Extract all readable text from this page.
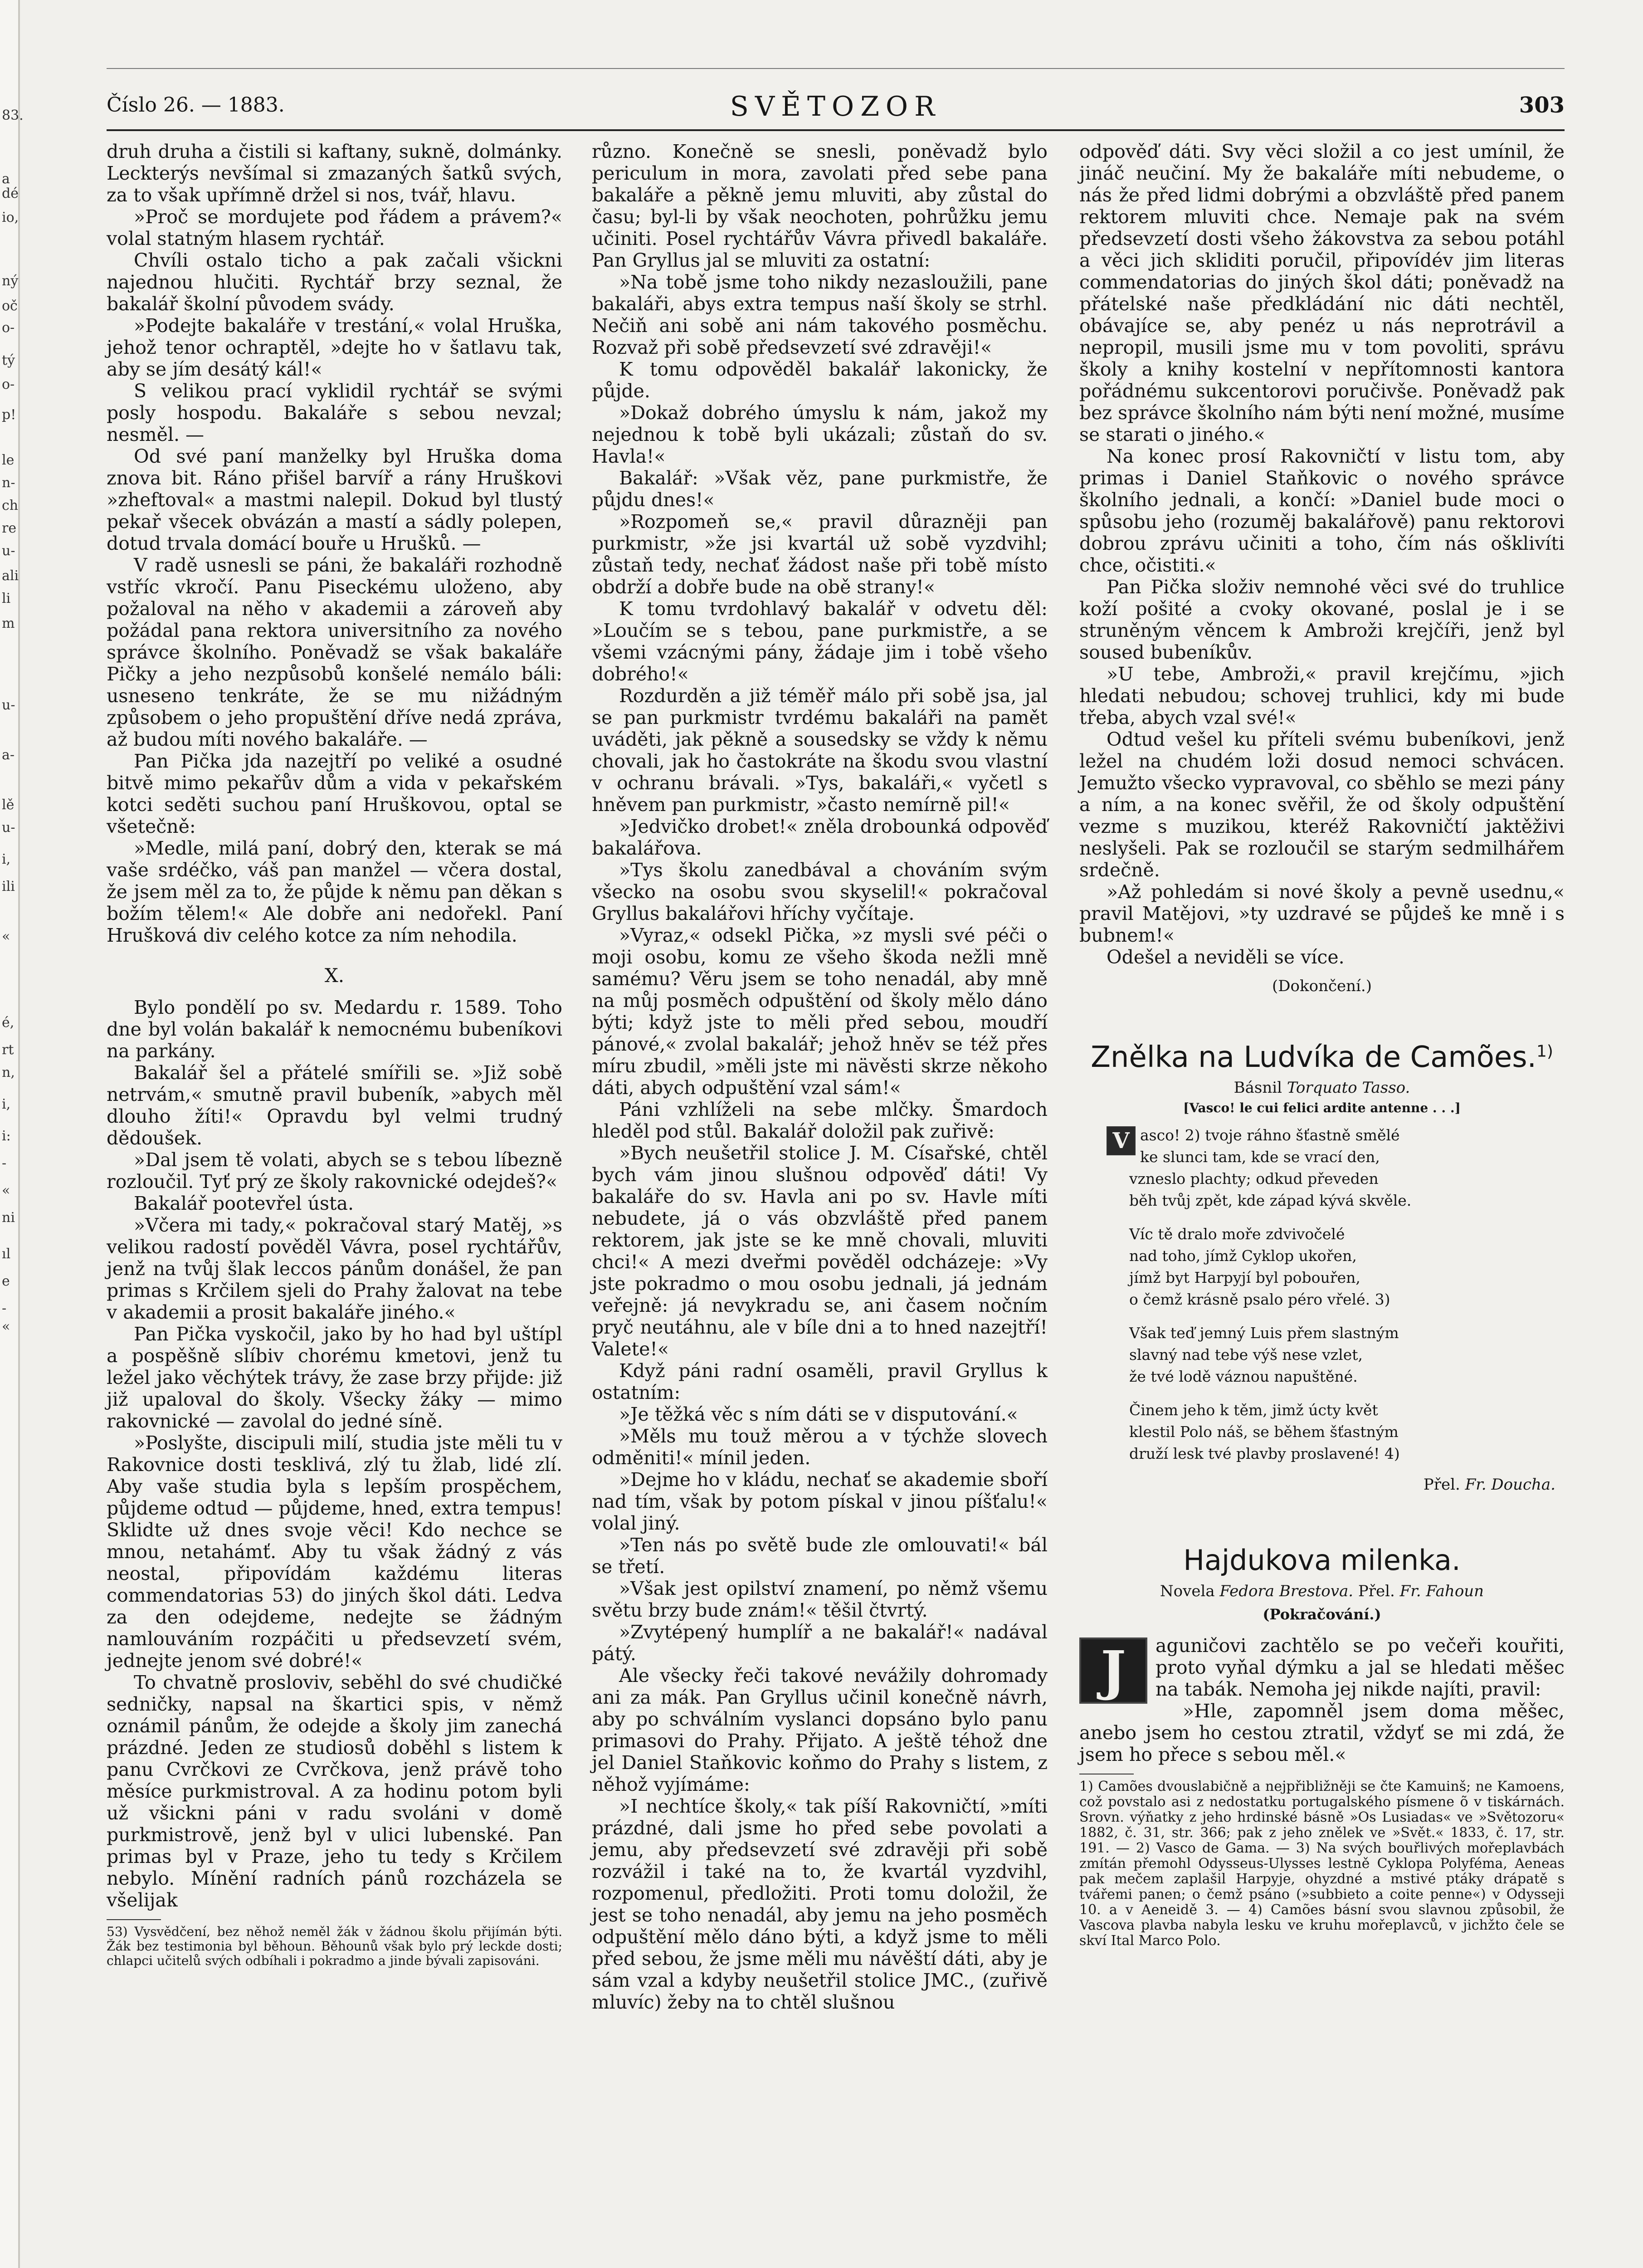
83.
a
dé
io,
ný
oč
o-
tý
o-
p!
le
n-
ch
re
u-
ali
li
m
u-
a-
lě
u-
i,
ili
«
é,
rt
n,
i,
i:
-
«
ni
ıl
e
-
«
SVĚTOZOR
Číslo 26. — 1883.	303

druh druha a čistili si kaftany, sukně, dolmánky. Leckterýs nevšímal si zmazaných šatků svých, za to však upřímně držel si nos, tvář, hlavu.

»Proč se mordujete pod řádem a právem?« volal statným hlasem rychtář.

Chvíli ostalo ticho a pak začali všickni najednou hlučiti. Rychtář brzy seznal, že bakalář školní původem svády.

»Podejte bakaláře v trestání,« volal Hruška, jehož tenor ochraptěl, »dejte ho v šatlavu tak, aby se jím desátý kál!«

S velikou prací vyklidil rychtář se svými posly hospodu. Bakaláře s sebou nevzal; nesměl. —

Od své paní manželky byl Hruška doma znova bit. Ráno přišel barvíř a rány Hruškovi »zheftoval« a mastmi nalepil. Dokud byl tlustý pekař všecek obvázán a mastí a sádly polepen, dotud trvala domácí bouře u Hrušků. —

V radě usnesli se páni, že bakaláři rozhodně vstříc vkročí. Panu Piseckému uloženo, aby požaloval na něho v akademii a zároveň aby požádal pana rektora universitního za nového správce školního. Poněvadž se však bakaláře Pičky a jeho nezpůsobů konšelé nemálo báli: usneseno tenkráte, že se mu nižádným způsobem o jeho propuštění dříve nedá zpráva, až budou míti nového bakaláře. —

Pan Pička jda nazejtří po veliké a osudné bitvě mimo pekařův dům a vida v pekařském kotci seděti suchou paní Hruškovou, optal se všetečně:

»Medle, milá paní, dobrý den, kterak se má vaše srdéčko, váš pan manžel — včera dostal, že jsem měl za to, že půjde k němu pan děkan s božím tělem!« Ale dobře ani nedořekl. Paní Hrušková div celého kotce za ním nehodila.

X.

Bylo pondělí po sv. Medardu r. 1589. Toho dne byl volán bakalář k nemocnému bubeníkovi na parkány.

Bakalář šel a přátelé smířili se. »Již sobě netrvám,« smutně pravil bubeník, »abych měl dlouho žíti!« Opravdu byl velmi trudný dědoušek.

»Dal jsem tě volati, abych se s tebou líbezně rozloučil. Tyť prý ze školy rakovnické odejdeš?«

Bakalář pootevřel ústa.

»Včera mi tady,« pokračoval starý Matěj, »s velikou radostí pověděl Vávra, posel rychtářův, jenž na tvůj šlak leccos pánům donášel, že pan primas s Krčilem sjeli do Prahy žalovat na tebe v akademii a prosit bakaláře jiného.«

Pan Pička vyskočil, jako by ho had byl uštípl a pospěšně slíbiv chorému kmetovi, jenž tu ležel jako věchýtek trávy, že zase brzy přijde: již již upaloval do školy. Všecky žáky — mimo rakovnické — zavolal do jedné síně.

»Poslyšte, discipuli milí, studia jste měli tu v Rakovnice dosti tesklivá, zlý tu žlab, lidé zlí. Aby vaše studia byla s lepším prospěchem, půjdeme odtud — půjdeme, hned, extra tempus! Sklidte už dnes svoje věci! Kdo nechce se mnou, netahámť. Aby tu však žádný z vás neostal, připovídám každému literas commendatorias 53) do jiných škol dáti. Ledva za den odejdeme, nedejte se žádným namlouváním rozpáčiti u předsevzetí svém, jednejte jenom své dobré!«

To chvatně prosloviv, seběhl do své chudičké sedničky, napsal na škartici spis, v němž oznámil pánům, že odejde a školy jim zanechá prázdné. Jeden ze studiosů doběhl s listem k panu Cvrčkovi ze Cvrčkova, jenž právě toho měsíce purkmistroval. A za hodinu potom byli už všickni páni v radu svoláni v domě purkmistrově, jenž byl v ulici lubenské. Pan primas byl v Praze, jeho tu tedy s Krčilem nebylo. Mínění radních pánů rozcházela se všelijak

53) Vysvědčení, bez něhož neměl žák v žádnou školu přijímán býti. Žák bez testimonia byl běhoun. Běhounů však bylo prý leckde dosti; chlapci učitelů svých odbíhali i pokradmo a jinde bývali zapisováni.

různo. Konečně se snesli, poněvadž bylo periculum in mora, zavolati před sebe pana bakaláře a pěkně jemu mluviti, aby zůstal do času; byl-li by však neochoten, pohrůžku jemu učiniti. Posel rychtářův Vávra přivedl bakaláře. Pan Gryllus jal se mluviti za ostatní:

»Na tobě jsme toho nikdy nezasloužili, pane bakaláři, abys extra tempus naší školy se strhl. Nečiň ani sobě ani nám takového posměchu. Rozvaž při sobě předsevzetí své zdravěji!«

K tomu odpověděl bakalář lakonicky, že půjde.

»Dokaž dobrého úmyslu k nám, jakož my nejednou k tobě byli ukázali; zůstaň do sv. Havla!«

Bakalář: »Však věz, pane purkmistře, že půjdu dnes!«

»Rozpomeň se,« pravil důrazněji pan purkmistr, »že jsi kvartál už sobě vyzdvihl; zůstaň tedy, nechať žádost naše při tobě místo obdrží a dobře bude na obě strany!«

K tomu tvrdohlavý bakalář v odvetu děl: »Loučím se s tebou, pane purkmistře, a se všemi vzácnými pány, žádaje jim i tobě všeho dobrého!«

Rozdurděn a již téměř málo při sobě jsa, jal se pan purkmistr tvrdému bakaláři na pamět uváděti, jak pěkně a sousedsky se vždy k němu chovali, jak ho častokráte na škodu svou vlastní v ochranu brávali. »Tys, bakaláři,« vyčetl s hněvem pan purkmistr, »často nemírně pil!«

»Jedvičko drobet!« zněla drobounká odpověď bakalářova.

»Tys školu zanedbával a chováním svým všecko na osobu svou skyselil!« pokračoval Gryllus bakalářovi hříchy vyčítaje.

»Vyraz,« odsekl Pička, »z mysli své péči o moji osobu, komu ze všeho škoda nežli mně samému? Věru jsem se toho nenadál, aby mně na můj posměch odpuštění od školy mělo dáno býti; když jste to měli před sebou, moudří pánové,« zvolal bakalář; jehož hněv se též přes míru zbudil, »měli jste mi nävěsti skrze někoho dáti, abych odpuštění vzal sám!«

Páni vzhlíželi na sebe mlčky. Šmardoch hleděl pod stůl. Bakalář doložil pak zuřivě:

»Bych neušetřil stolice J. M. Císařské, chtěl bych vám jinou slušnou odpověď dáti! Vy bakaláře do sv. Havla ani po sv. Havle míti nebudete, já o vás obzvláště před panem rektorem, jak jste se ke mně chovali, mluviti chci!« A mezi dveřmi pověděl odcházeje: »Vy jste pokradmo o mou osobu jednali, já jednám veřejně: já nevykradu se, ani časem nočním pryč neutáhnu, ale v bíle dni a to hned nazejtří! Valete!«

Když páni radní osaměli, pravil Gryllus k ostatním:

»Je těžká věc s ním dáti se v disputování.«

»Měls mu touž měrou a v týchže slovech odměniti!« mínil jeden.

»Dejme ho v kládu, nechať se akademie sboří nad tím, však by potom pískal v jinou píšťalu!« volal jiný.

»Ten nás po světě bude zle omlouvati!« bál se třetí.

»Však jest opilství znamení, po němž všemu světu brzy bude znám!« těšil čtvrtý.

»Zvytépený humplíř a ne bakalář!« nadával pátý.

Ale všecky řeči takové nevážily dohromady ani za mák. Pan Gryllus učinil konečně návrh, aby po schválním vyslanci dopsáno bylo panu primasovi do Prahy. Přijato. A ještě téhož dne jel Daniel Staňkovic koňmo do Prahy s listem, z něhož vyjímáme:

»I nechtíce školy,« tak píší Rakovničtí, »míti prázdné, dali jsme ho před sebe povolati a jemu, aby předsevzetí své zdravěji při sobě rozvážil i také na to, že kvartál vyzdvihl, rozpomenul, předložiti. Proti tomu doložil, že jest se toho nenadál, aby jemu na jeho posměch odpuštění mělo dáno býti, a když jsme to měli před sebou, že jsme měli mu návěští dáti, aby je sám vzal a kdyby neušetřil stolice JMC., (zuřivě mluvíc) žeby na to chtěl slušnou

odpověď dáti. Svy věci složil a co jest umínil, že jináč neučiní. My že bakaláře míti nebudeme, o nás že před lidmi dobrými a obzvláště před panem rektorem mluviti chce. Nemaje pak na svém předsevzetí dosti všeho žákovstva za sebou potáhl a věci jich skliditi poručil, připovídév jim literas commendatorias do jiných škol dáti; poněvadž na přátelské naše předkládání nic dáti nechtěl, obávajíce se, aby penéz u nás neprotrávil a nepropil, musili jsme mu v tom povoliti, správu školy a knihy kostelní v nepřítomnosti kantora pořádnému sukcentorovi poručivše. Poněvadž pak bez správce školního nám býti není možné, musíme se starati o jiného.«

Na konec prosí Rakovničtí v listu tom, aby primas i Daniel Staňkovic o nového správce školního jednali, a končí: »Daniel bude moci o spůsobu jeho (rozuměj bakalářově) panu rektorovi dobrou zprávu učiniti a toho, čím nás ošklivíti chce, očistiti.«

Pan Pička složiv nemnohé věci své do truhlice koží pošité a cvoky okované, poslal je i se struněným věncem k Ambroži krejčíři, jenž byl soused bubeníkův.

»U tebe, Ambroži,« pravil krejčímu, »jich hledati nebudou; schovej truhlici, kdy mi bude třeba, abych vzal své!«

Odtud vešel ku příteli svému bubeníkovi, jenž ležel na chudém loži dosud nemoci schvácen. Jemužto všecko vypravoval, co sběhlo se mezi pány a ním, a na konec svěřil, že od školy odpuštění vezme s muzikou, kteréž Rakovničtí jaktěživi neslyšeli. Pak se rozloučil se starým sedmilhářem srdečně.

»Až pohledám si nové školy a pevně usednu,« pravil Matějovi, »ty uzdravé se půjdeš ke mně i s bubnem!«

Odešel a neviděli se více.

(Dokončení.)
Znělka na Ludvíka de Camões.$^{1)}$
Básnil Torquato Tasso.
[Vasco! le cui felici ardite antenne . . .]
V asco! 2) tvoje ráhno šťastně smělé
ke slunci tam, kde se vrací den,
vzneslo plachty; odkud převeden
běh tvůj zpět, kde západ kývá skvěle.
Víc tě dralo moře zdvivočelé
nad toho, jímž Cyklop ukořen,
jímž byt Harpyjí byl pobouřen,
o čemž krásně psalo péro vřelé. 3)
Však teď jemný Luis přem slastným
slavný nad tebe výš nese vzlet,
že tvé lodě váznou napuštěné.
Činem jeho k těm, jimž úcty květ
klestil Polo náš, se během šťastným
druží lesk tvé plavby proslavené! 4)
Přel. Fr. Doucha.
Hajdukova milenka.
Novela Fedora Brestova. Přel. Fr. Fahoun
(Pokračování.)
J	aguničovi zachtělo se po večeři kouřiti, proto vyňal dýmku a jal se hledati měšec na tabák. Nemoha jej nikde najíti, pravil:

»Hle, zapomněl jsem doma měšec, anebo jsem ho cestou ztratil, vždyť se mi zdá, že jsem ho přece s sebou měl.«

1) Camões dvouslabičně a nejpřibližněji se čte Kamuinš; ne Kamoens, což povstalo asi z nedostatku portugalského písmene õ v tiskárnách. Srovn. výňatky z jeho hrdinské básně »Os Lusiadas« ve »Světozoru« 1882, č. 31, str. 366; pak z jeho znělek ve »Svět.« 1833, č. 17, str. 191. — 2) Vasco de Gama. — 3) Na svých bouřlivých mořeplavbách zmítán přemohl Odysseus-Ulysses lestně Cyklopa Polyféma, Aeneas pak mečem zaplašil Harpyje, ohyzdné a mstivé ptáky drápatě s tvářemi panen; o čemž psáno (»subbieto a coite penne«) v Odysseji 10. a v Aeneidě 3. — 4) Camões básní svou slavnou způsobil, že Vascova plavba nabyla lesku ve kruhu mořeplavců, v jichžto čele se skví Ital Marco Polo.
